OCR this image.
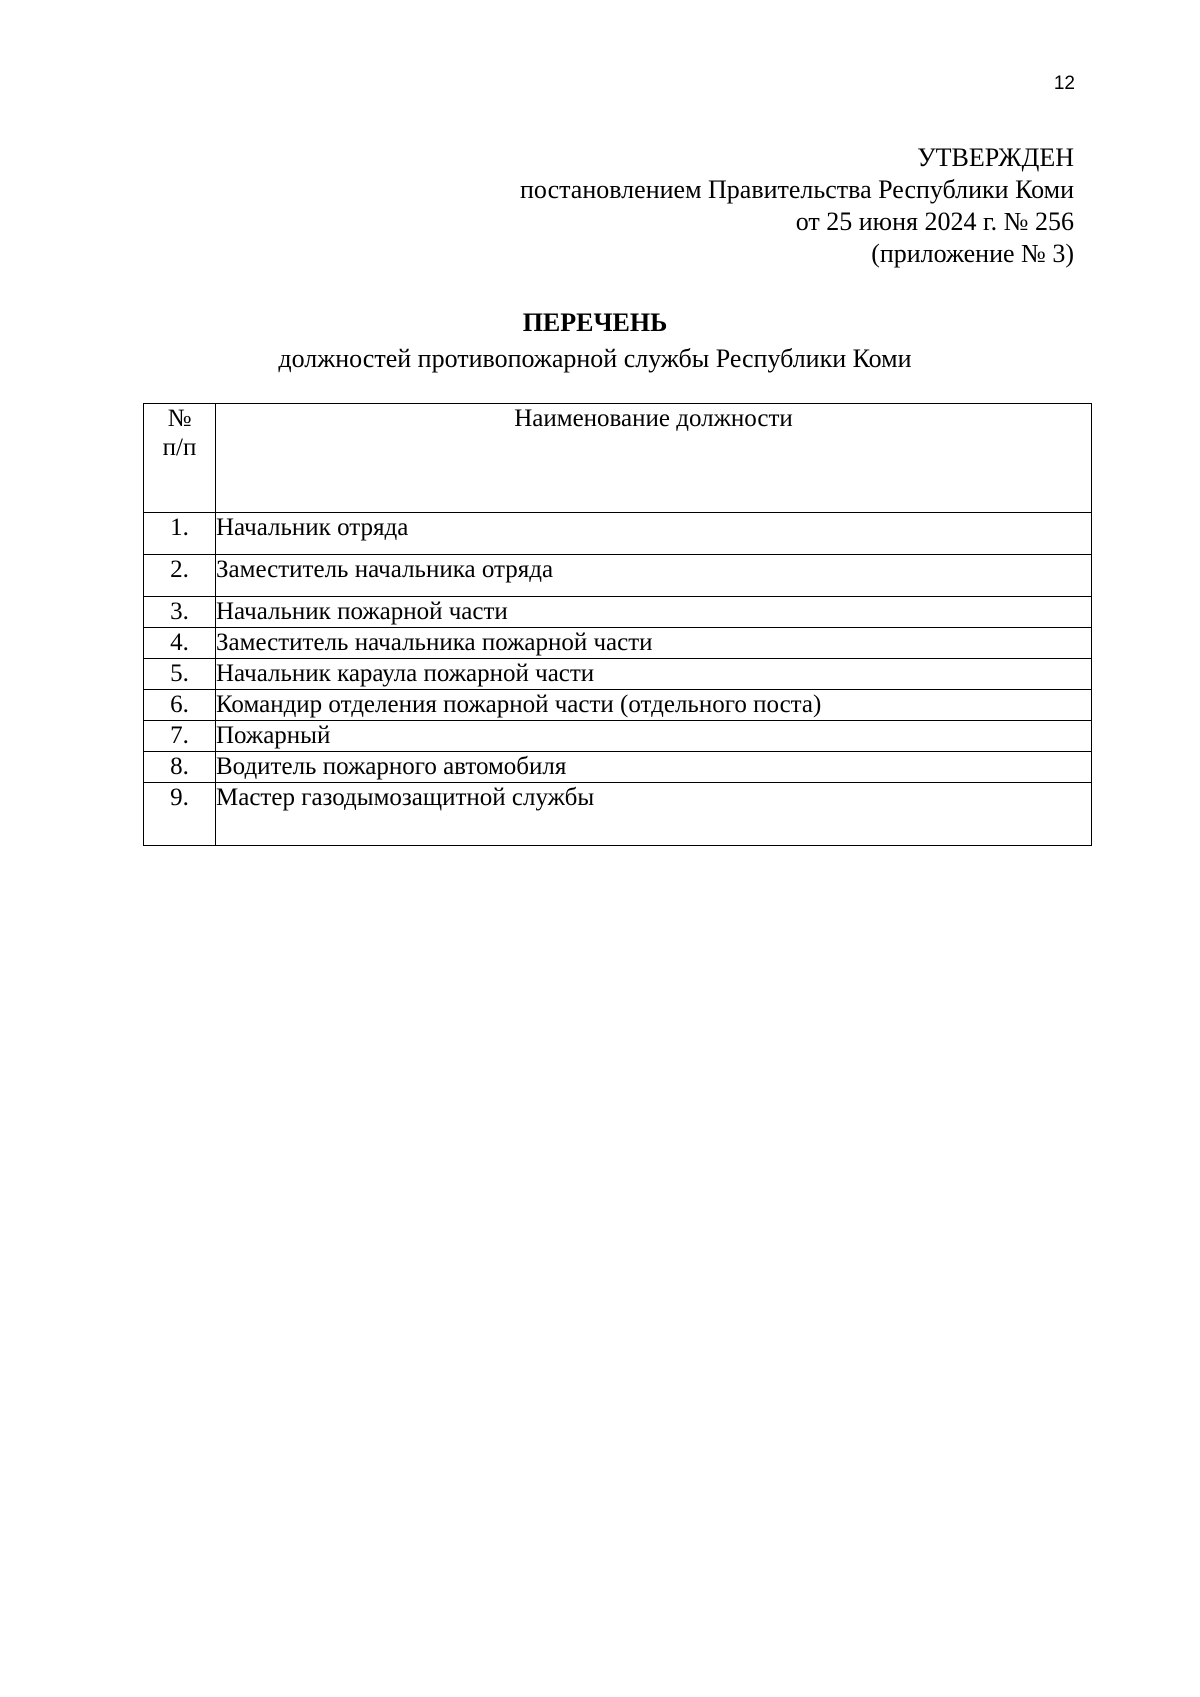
12
УТВЕРЖДЕН
постановлением Правительства Республики Коми
от 25 июня 2024 г. № 256
(приложение № 3)
ПЕРЕЧЕНЬ
должностей противопожарной службы Республики Коми
№
п/п	Наименование должности
1.	Начальник отряда
2.	Заместитель начальника отряда
3.	Начальник пожарной части
4.	Заместитель начальника пожарной части
5.	Начальник караула пожарной части
6.	Командир отделения пожарной части (отдельного поста)
7.	Пожарный
8.	Водитель пожарного автомобиля
9.	Мастер газодымозащитной службы
